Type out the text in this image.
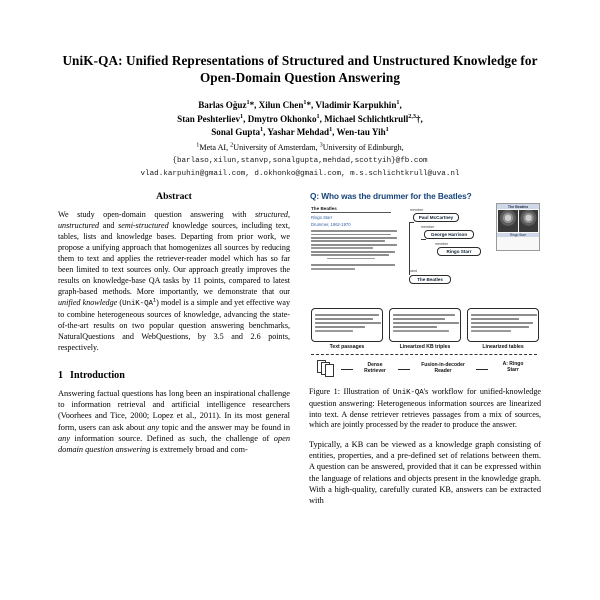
UniK-QA: Unified Representations of Structured and Unstructured Knowledge for Open-Domain Question Answering
Barlas Oğuz$^1$*, Xilun Chen$^1$*, Vladimir Karpukhin$^1$,
Stan Peshterliev$^1$, Dmytro Okhonko$^1$, Michael Schlichtkrull$^{2,3}$†,
Sonal Gupta$^1$, Yashar Mehdad$^1$, Wen-tau Yih$^1$
$^1$Meta AI, $^2$University of Amsterdam, $^3$University of Edinburgh,
{barlaso,xilun,stanvp,sonalgupta,mehdad,scottyih}@fb.com
vlad.karpuhin@gmail.com, d.okhonko@gmail.com, m.s.schlichtkrull@uva.nl
Abstract

We study open-domain question answering with structured, unstructured and semi-structured knowledge sources, including text, tables, lists and knowledge bases. Departing from prior work, we propose a unifying approach that homogenizes all sources by reducing them to text and applies the retriever-reader model which has so far been limited to text sources only. Our approach greatly improves the results on knowledge-base QA tasks by 11 points, compared to latest graph-based methods. More importantly, we demonstrate that our unified knowledge $(UniK-QA^1)$ model is a simple and yet effective way to combine heterogeneous sources of knowledge, advancing the state-of-the-art results on two popular question answering benchmarks, NaturalQuestions and WebQuestions, by 3.5 and 2.6 points, respectively.

1 Introduction

Answering factual questions has long been an inspirational challenge to information retrieval and artificial intelligence researchers (Voorhees and Tice, 2000; Lopez et al., 2011). In its most general form, users can ask about any topic and the answer may be found in any information source. Defined as such, the challenge of open domain question answering is extremely broad and com-

Q: Who was the drummer for the Beatles?
The Beatles
Ringo Starr
Drummer, 1962-1970
member
Paul McCartney
member
George Harrison
member
Ringo Starr
band
The Beatles
The Beatles
Ringo Starr
Text passages	Linearized KB triples	Linearized tables
Dense
Retriever
Fusion-in-decoder
Reader
A: Ringo
Starr

Figure 1: Illustration of UniK-QA's workflow for unified-knowledge question answering: Heterogeneous information sources are linearized into text. A dense retriever retrieves passages from a mix of sources, which are jointly processed by the reader to produce the answer.

Typically, a KB can be viewed as a knowledge graph consisting of entities, properties, and a pre-defined set of relations between them. A question can be answered, provided that it can be expressed within the language of relations and objects present in the knowledge graph. With a high-quality, carefully curated KB, answers can be extracted with
